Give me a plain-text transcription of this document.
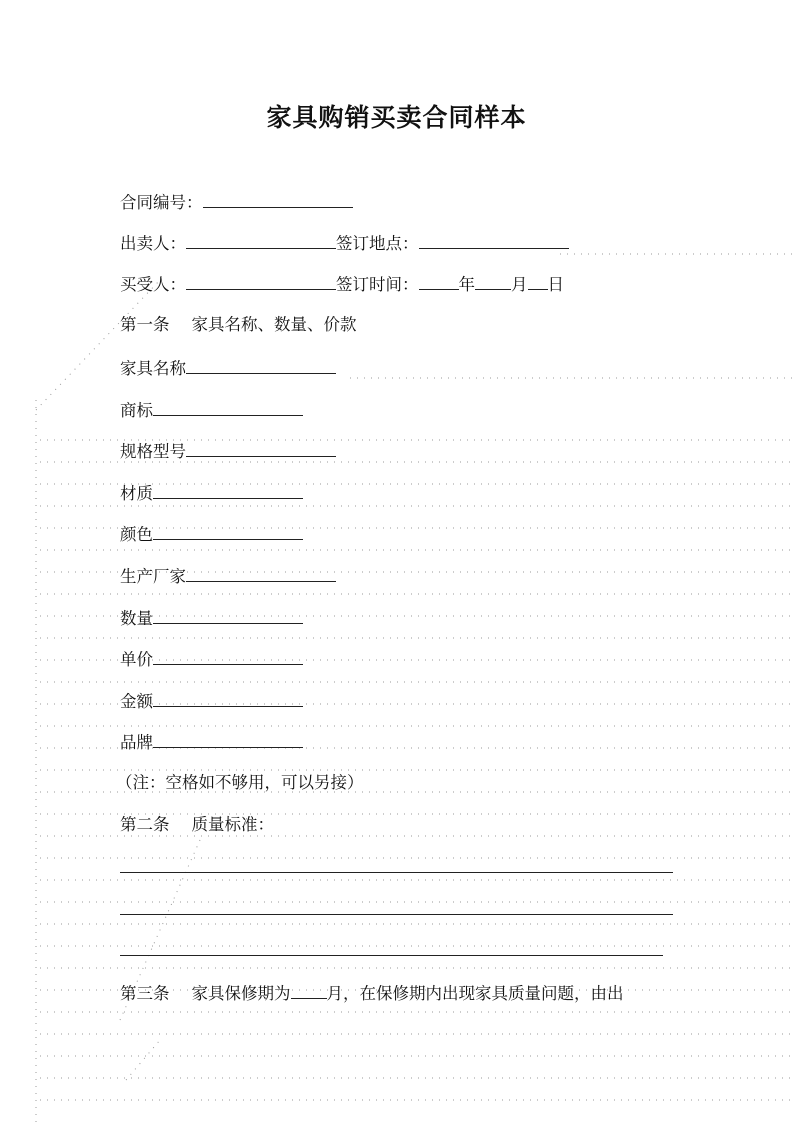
家具购销买卖合同样本
合同编号：
出卖人：	签订地点：
买受人：	签订时间： 年 月 日
第一条 家具名称、数量、价款
家具名称
商标
规格型号
材质
颜色
生产厂家
数量
单价
金额
品牌
（注：空格如不够用，可以另接）
第二条 质量标准：
第三条 家具保修期为 月，在保修期内出现家具质量问题，由出
